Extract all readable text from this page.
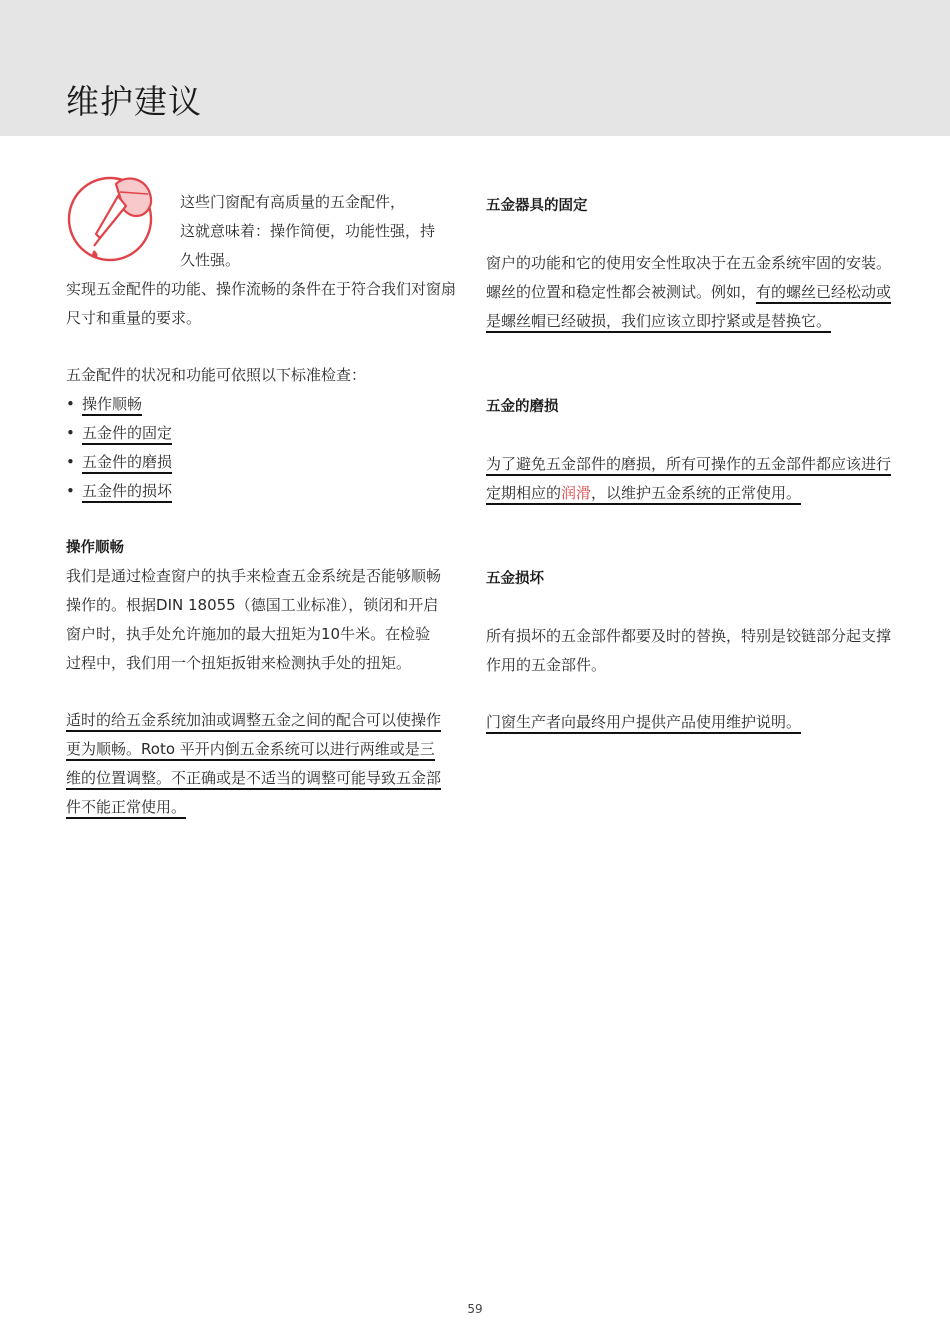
维护建议
这些门窗配有高质量的五金配件，
这就意味着：操作简便，功能性强，持
久性强。
实现五金配件的功能、操作流畅的条件在于符合我们对窗扇尺寸和重量的要求。
五金配件的状况和功能可依照以下标准检查：
• 操作顺畅
• 五金件的固定
• 五金件的磨损
• 五金件的损坏
操作顺畅
我们是通过检查窗户的执手来检查五金系统是否能够顺畅
操作的。根据DIN 18055（德国工业标准），锁闭和开启
窗户时，执手处允许施加的最大扭矩为10牛米。在检验
过程中，我们用一个扭矩扳钳来检测执手处的扭矩。
适时的给五金系统加油或调整五金之间的配合可以使操作
更为顺畅。Roto 平开内倒五金系统可以进行两维或是三
维的位置调整。不正确或是不适当的调整可能导致五金部
件不能正常使用。
五金器具的固定
窗户的功能和它的使用安全性取决于在五金系统牢固的安装。
螺丝的位置和稳定性都会被测试。例如，有的螺丝已经松动或
是螺丝帽已经破损，我们应该立即拧紧或是替换它。
五金的磨损
为了避免五金部件的磨损，所有可操作的五金部件都应该进行
定期相应的润滑，以维护五金系统的正常使用。
五金损坏
所有损坏的五金部件都要及时的替换，特别是铰链部分起支撑
作用的五金部件。
门窗生产者向最终用户提供产品使用维护说明。
59
